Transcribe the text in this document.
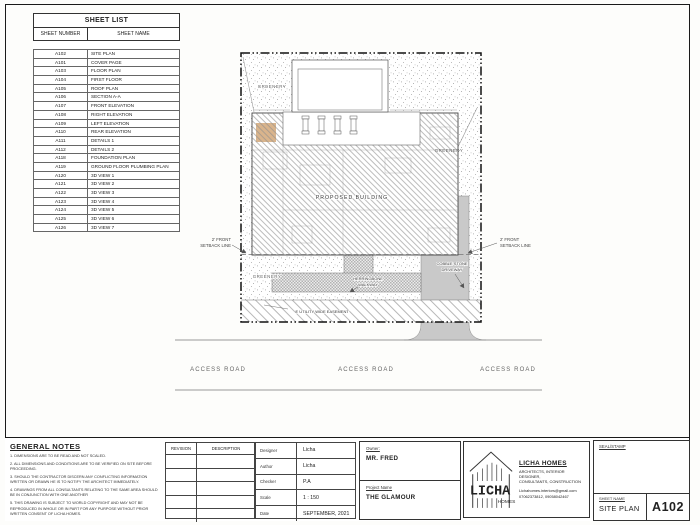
ACCESS ROAD	ACCESS ROAD	ACCESS ROAD
PROPOSED BUILDING
2' FRONT
SETBACK LINE
2' FRONT
SETBACK LINE
GREENERY
GREENERY
GREENERY	HERRINGBONE
WALKWAY
COBBLE STONE
DRIVEWAY
8' UTILITY WIDE EASEMENT
SHEET LIST
SHEET NUMBER	SHEET NAME
A102	SITE PLAN
A101	COVER PAGE
A103	FLOOR PLAN
A104	FIRST FLOOR
A105	ROOF PLAN
A106	SECTION A-A
A107	FRONT ELEVATION
A108	RIGHT ELEVATION
A109	LEFT ELEVATION
A110	REAR ELEVATION
A111	DETAILS 1
A112	DETAILS 2
A118	FOUNDATION PLAN
A119	GROUND FLOOR PLUMBING PLAN
A120	3D VIEW 1
A121	3D VIEW 2
A122	3D VIEW 3
A123	3D VIEW 4
A124	3D VIEW 5
A125	3D VIEW 6
A126	3D VIEW 7
GENERAL NOTES
1. DIMENSIONS ARE TO BE READ AND NOT SCALED.
2. ALL DIMENSIONS AND CONDITIONS ARE TO BE VERIFIED ON SITE BEFORE PROCEEDING.
3. SHOULD THE CONTRACTOR DISCERN ANY CONFLICTING INFORMATION WRITTEN OR DRAWN HE IS TO NOTIFY THE ARCHITECT IMMEDIATELY.
4. DRAWINGS FROM ALL CONSULTANTS RELATING TO THE SAME AREA SHOULD BE IN CONJUNCTION WITH ONE ANOTHER
5. THIS DRAWING IS SUBJECT TO WORLD COPYRIGHT AND MAY NOT BE REPRODUCED IN WHOLE OR IN PART FOR ANY PURPOSE WITHOUT PRIOR WRITTEN CONSENT OF LICHA HOMES.
REVISION	DESCRIPTION	Designer	Licha
Author	Licha
Checker	P.A
Scale	1 : 150
Date	SEPTEMBER, 2021
Owner:
MR. FRED
Project Name
THE GLAMOUR	LICHA
HOMES
LICHA HOMES
ARCHITECTS, INTERIOR DESIGNER,
CONSULTANTS, CONSTRUCTION
Lichahomes.interiors@gmail.com
07062373812, 09058042467
SEAL/STAMP
SHEET NAME
SITE PLAN	A102
